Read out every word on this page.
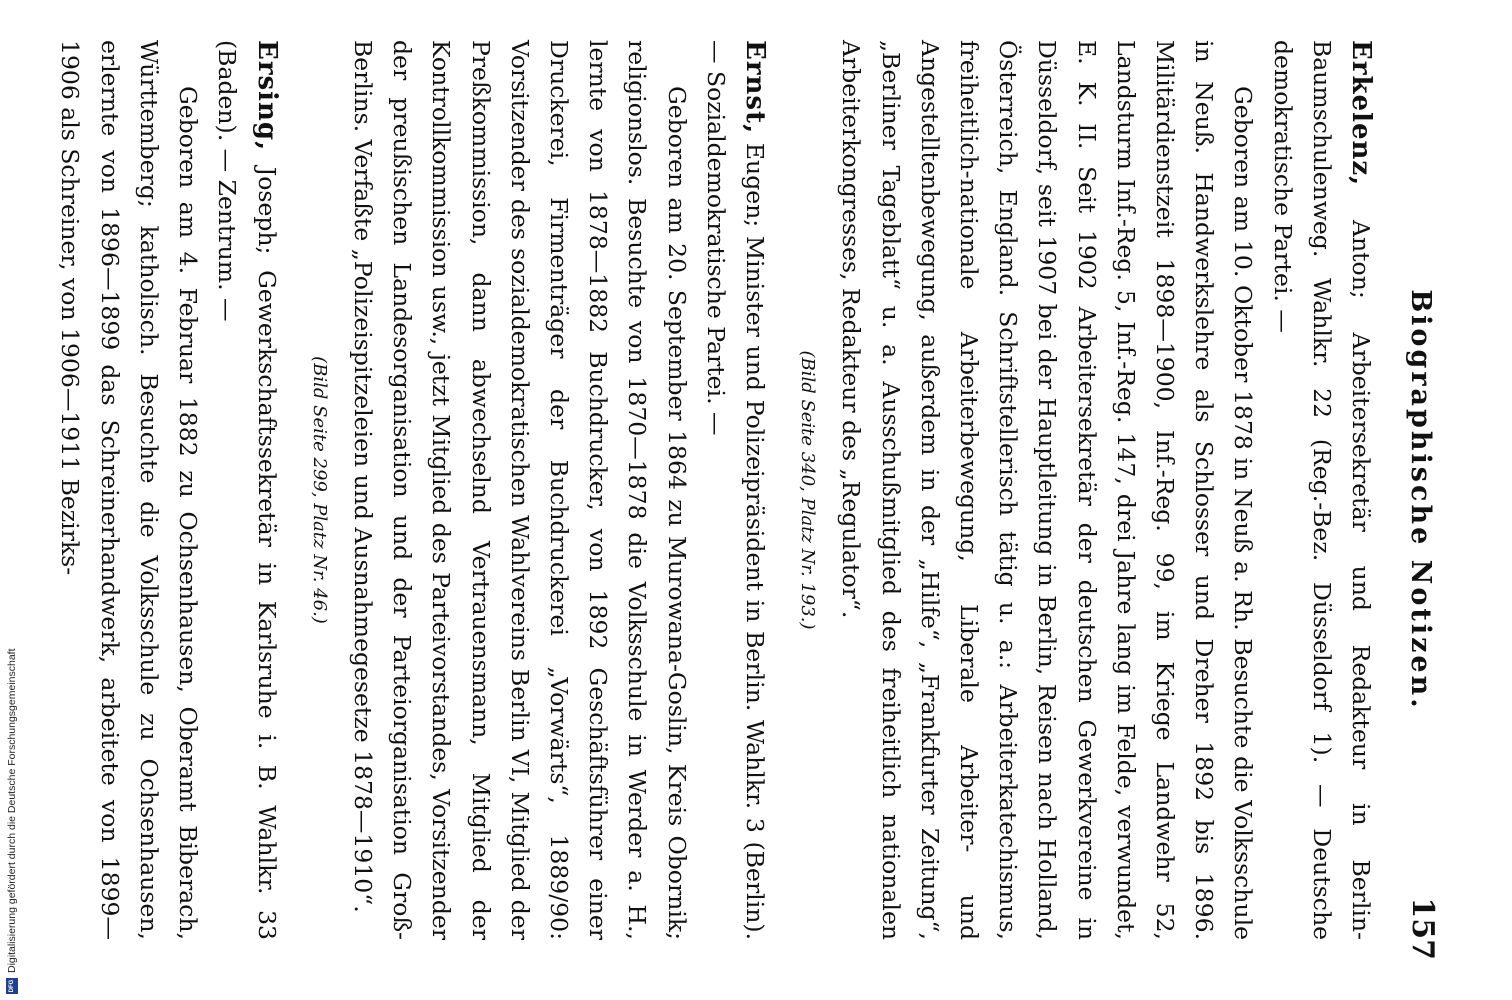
Biographische Notizen.
157

Erkelenz, Anton; Arbeitersekretär und Redakteur in Berlin-Baumschulenweg. Wahlkr. 22 (Reg.-Bez. Düsseldorf 1). — Deutsche demokratische Partei. —

Geboren am 10. Oktober 1878 in Neuß a. Rh. Besuchte die Volksschule in Neuß. Handwerkslehre als Schlosser und Dreher 1892 bis 1896. Militärdienstzeit 1898—1900, Inf.-Reg. 99, im Kriege Landwehr 52, Landsturm Inf.-Reg. 5, Inf.-Reg. 147, drei Jahre lang im Felde, verwundet, E. K. II. Seit 1902 Arbeitersekretär der deutschen Gewerkvereine in Düsseldorf, seit 1907 bei der Hauptleitung in Berlin, Reisen nach Holland, Österreich, England. Schriftstellerisch tätig u. a.: Arbeiterkatechismus, freiheitlich-nationale Arbeiterbewegung, Liberale Arbeiter- und Angestelltenbewegung, außerdem in der „Hilfe“, „Frankfurter Zeitung“, „Berliner Tageblatt“ u. a. Ausschußmitglied des freiheitlich nationalen Arbeiterkongresses, Redakteur des „Regulator“.

(Bild Seite 340, Platz Nr. 193.)

Ernst, Eugen; Minister und Polizeipräsident in Berlin. Wahlkr. 3 (Berlin). — Sozialdemokratische Partei. —

Geboren am 20. September 1864 zu Murowana-Goslin, Kreis Obornik; religionslos. Besuchte von 1870—1878 die Volksschule in Werder a. H., lernte von 1878—1882 Buchdrucker, von 1892 Geschäftsführer einer Druckerei, Firmenträger der Buchdruckerei „Vorwärts“, 1889/90: Vorsitzender des sozialdemokratischen Wahlvereins Berlin VI, Mitglied der Preßkommission, dann abwechselnd Vertrauensmann, Mitglied der Kontrollkommission usw., jetzt Mitglied des Parteivorstandes, Vorsitzender der preußischen Landesorganisation und der Parteiorganisation Groß-Berlins. Verfaßte „Polizeispitzeleien und Ausnahmegesetze 1878—1910“.

(Bild Seite 299, Platz Nr. 46.)

Ersing, Joseph; Gewerkschaftssekretär in Karlsruhe i. B. Wahlkr. 33 (Baden). — Zentrum. —

Geboren am 4. Februar 1882 zu Ochsenhausen, Oberamt Biberach, Württemberg; katholisch. Besuchte die Volksschule zu Ochsenhausen, erlernte von 1896—1899 das Schreinerhandwerk, arbeitete von 1899—1906 als Schreiner, von 1906—1911 Bezirks-

DFG
Digitalisierung gefördert durch die Deutsche Forschungsgemeinschaft
